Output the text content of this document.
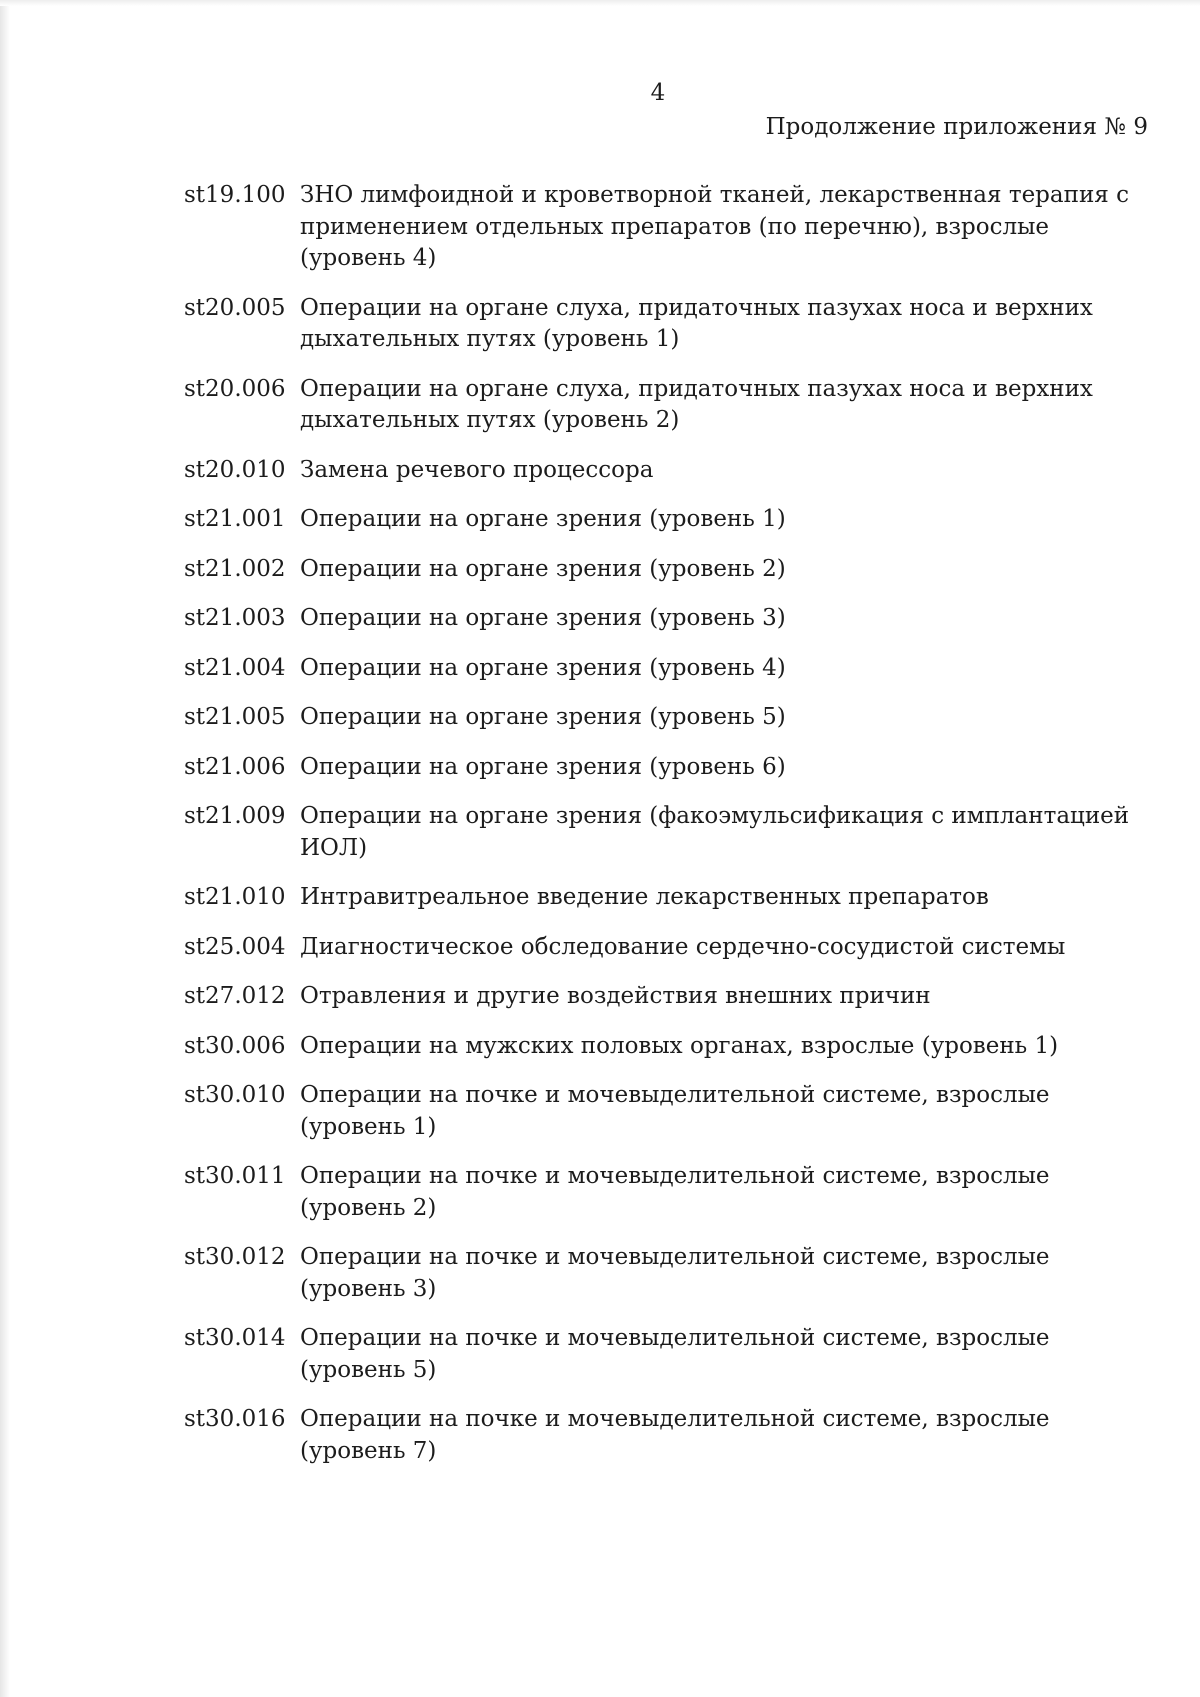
4
Продолжение приложения № 9
st19.100 ЗНО лимфоидной и кроветворной тканей, лекарственная терапия с применением отдельных препаратов (по перечню), взрослые (уровень 4)
st20.005 Операции на органе слуха, придаточных пазухах носа и верхних дыхательных путях (уровень 1)
st20.006 Операции на органе слуха, придаточных пазухах носа и верхних дыхательных путях (уровень 2)
st20.010 Замена речевого процессора
st21.001 Операции на органе зрения (уровень 1)
st21.002 Операции на органе зрения (уровень 2)
st21.003 Операции на органе зрения (уровень 3)
st21.004 Операции на органе зрения (уровень 4)
st21.005 Операции на органе зрения (уровень 5)
st21.006 Операции на органе зрения (уровень 6)
st21.009 Операции на органе зрения (факоэмульсификация с имплантацией ИОЛ)
st21.010 Интравитреальное введение лекарственных препаратов
st25.004 Диагностическое обследование сердечно-сосудистой системы
st27.012 Отравления и другие воздействия внешних причин
st30.006 Операции на мужских половых органах, взрослые (уровень 1)
st30.010 Операции на почке и мочевыделительной системе, взрослые (уровень 1)
st30.011 Операции на почке и мочевыделительной системе, взрослые (уровень 2)
st30.012 Операции на почке и мочевыделительной системе, взрослые (уровень 3)
st30.014 Операции на почке и мочевыделительной системе, взрослые (уровень 5)
st30.016 Операции на почке и мочевыделительной системе, взрослые (уровень 7)
